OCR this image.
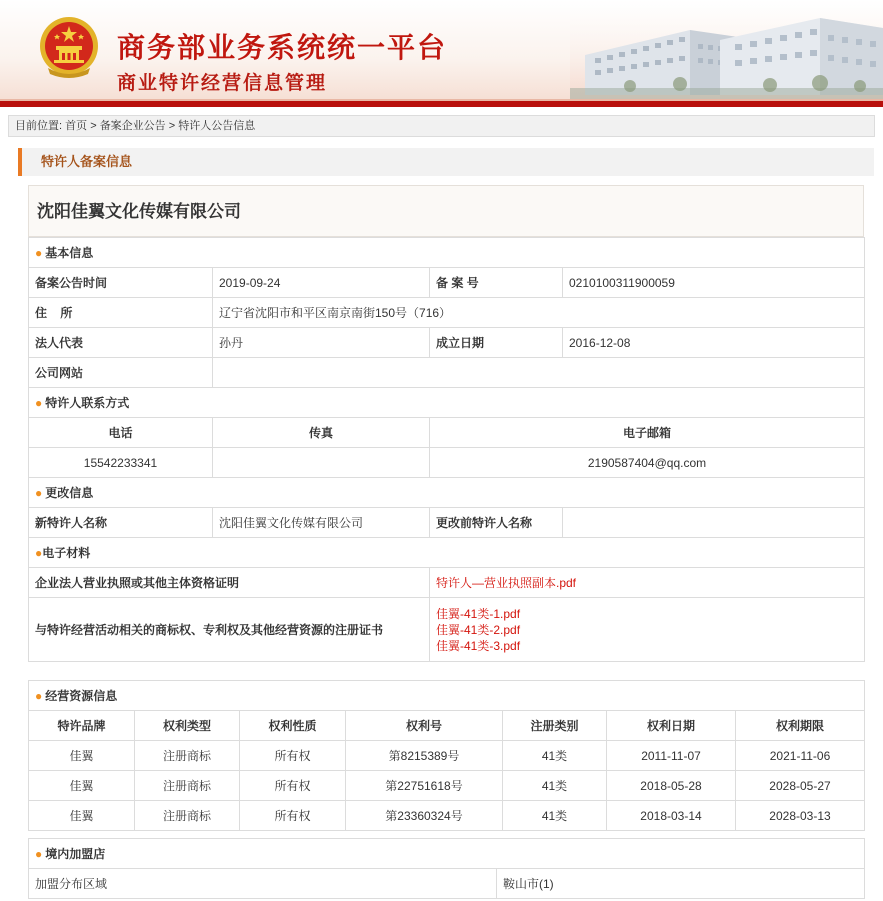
商务部业务系统统一平台
商业特许经营信息管理
目前位置: 首页 > 备案企业公告 > 特许人公告信息
特许人备案信息
沈阳佳翼文化传媒有限公司
● 基本信息			
备案公告时间	2019-09-24	备 案 号	0210100311900059
住    所	辽宁省沈阳市和平区南京南街150号（716）		
法人代表	孙丹	成立日期	2016-12-08
公司网站			
● 特许人联系方式			
电话	传真	电子邮箱	
15542233341		2190587404@qq.com	
● 更改信息			
新特许人名称	沈阳佳翼文化传媒有限公司	更改前特许人名称	
●电子材料			
企业法人营业执照或其他主体资格证明		特许人—营业执照副本.pdf	

与特许经营活动相关的商标权、专利权及其他经营资源的注册证书		佳翼-41类-1.pdf
佳翼-41类-2.pdf
佳翼-41类-3.pdf	
● 经营资源信息						
特许品牌	权利类型	权利性质	权利号	注册类别	权利日期	权利期限
佳翼	注册商标	所有权	第8215389号	41类	2011-11-07	2021-11-06
佳翼	注册商标	所有权	第22751618号	41类	2018-05-28	2028-05-27
佳翼	注册商标	所有权	第23360324号	41类	2018-03-14	2028-03-13
● 境内加盟店
加盟分布区域	鞍山市(1)
